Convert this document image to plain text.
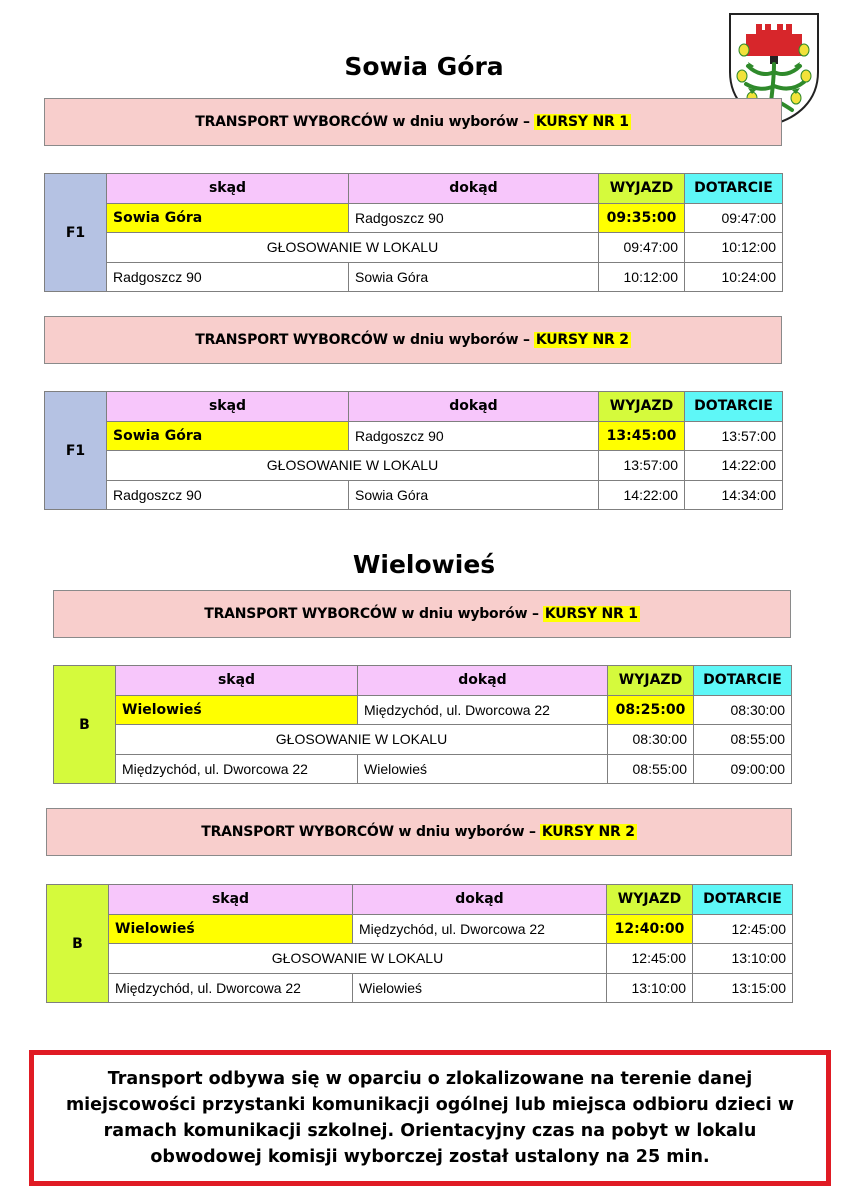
Sowia Góra
TRANSPORT WYBORCÓW w dniu wyborów – KURSY NR 1
F1	skąd	dokąd	WYJAZD	DOTARCIE
	Sowia Góra	Radgoszcz 90	09:35:00	09:47:00
	GŁOSOWANIE W LOKALU		09:47:00	10:12:00
	Radgoszcz 90	Sowia Góra	10:12:00	10:24:00
TRANSPORT WYBORCÓW w dniu wyborów – KURSY NR 2
F1	skąd	dokąd	WYJAZD	DOTARCIE
	Sowia Góra	Radgoszcz 90	13:45:00	13:57:00
	GŁOSOWANIE W LOKALU		13:57:00	14:22:00
	Radgoszcz 90	Sowia Góra	14:22:00	14:34:00
Wielowieś
TRANSPORT WYBORCÓW w dniu wyborów – KURSY NR 1
B	skąd	dokąd	WYJAZD	DOTARCIE
	Wielowieś	Międzychód, ul. Dworcowa 22	08:25:00	08:30:00
	GŁOSOWANIE W LOKALU		08:30:00	08:55:00
	Międzychód, ul. Dworcowa 22	Wielowieś	08:55:00	09:00:00
TRANSPORT WYBORCÓW w dniu wyborów – KURSY NR 2
B	skąd	dokąd	WYJAZD	DOTARCIE
	Wielowieś	Międzychód, ul. Dworcowa 22	12:40:00	12:45:00
	GŁOSOWANIE W LOKALU		12:45:00	13:10:00
	Międzychód, ul. Dworcowa 22	Wielowieś	13:10:00	13:15:00
Transport odbywa się w oparciu o zlokalizowane na terenie danej miejscowości przystanki komunikacji ogólnej lub miejsca odbioru dzieci w ramach komunikacji szkolnej. Orientacyjny czas na pobyt w lokalu obwodowej komisji wyborczej został ustalony na 25 min.
